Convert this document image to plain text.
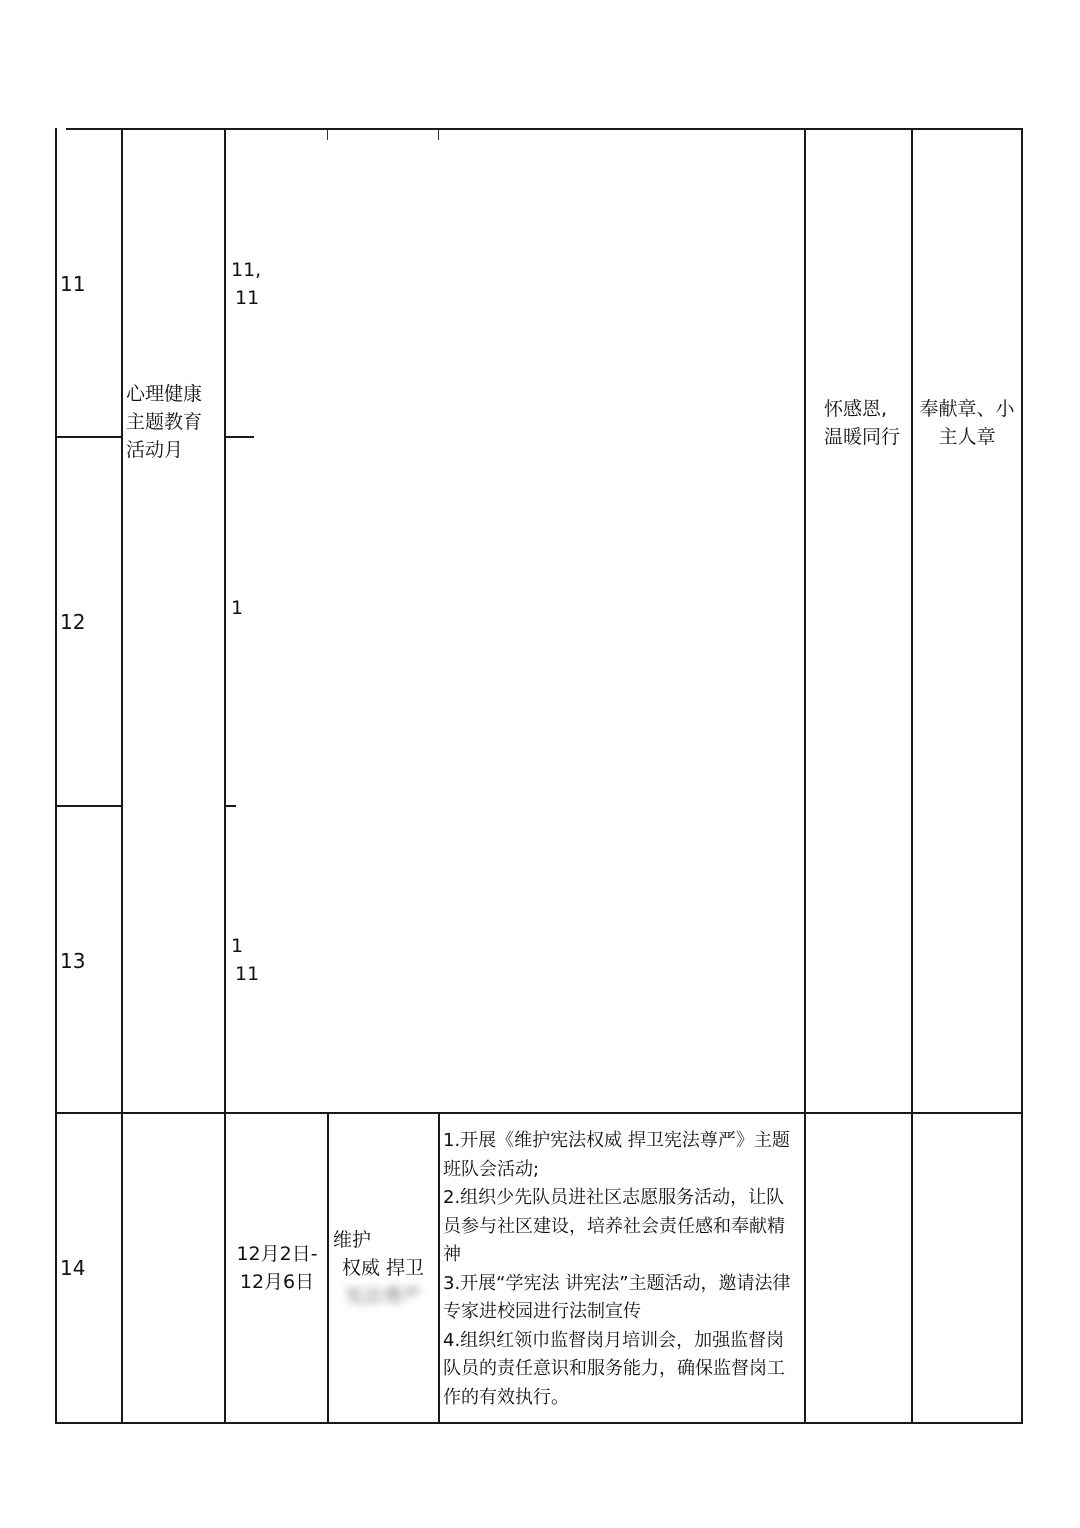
11
12
13
14
心理健康
主题教育
活动月
11,
11
1
1
11
怀感恩,
温暖同行
奉献章、小
主人章
12月2日-
12月6日
维护
权威 捍卫
宪法尊严
1.开展《维护宪法权威 捍卫宪法尊严》主题班队会活动;
2.组织少先队员进社区志愿服务活动，让队员参与社区建设，培养社会责任感和奉献精神
3.开展“学宪法 讲宪法”主题活动，邀请法律专家进校园进行法制宣传
4.组织红领巾监督岗月培训会，加强监督岗队员的责任意识和服务能力，确保监督岗工作的有效执行。
